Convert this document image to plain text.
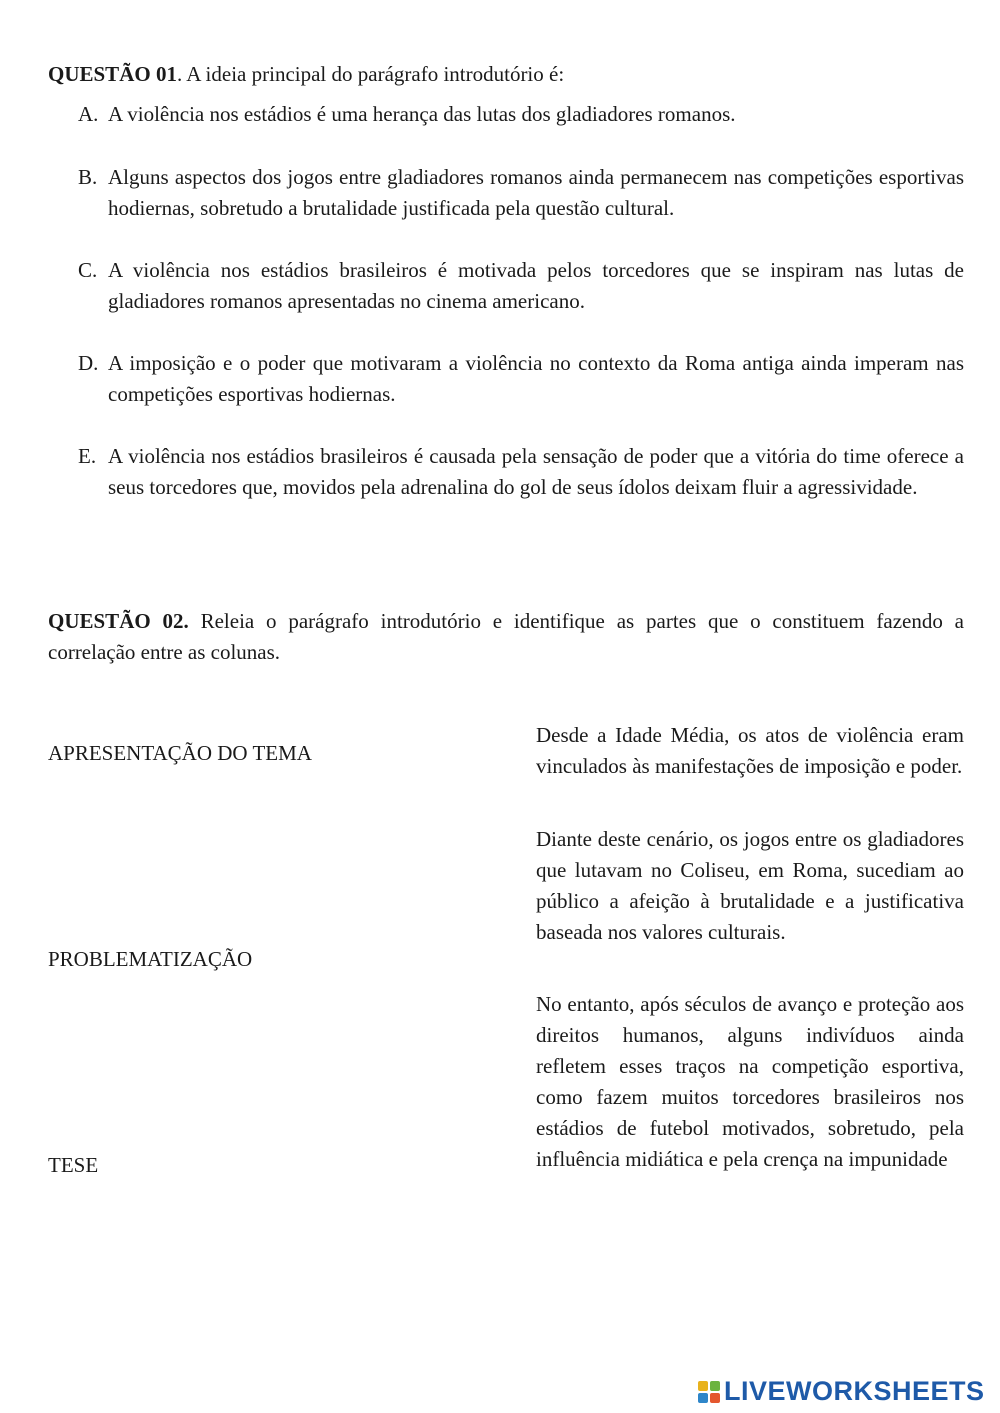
QUESTÃO 01. A ideia principal do parágrafo introdutório é:
A. A violência nos estádios é uma herança das lutas dos gladiadores romanos.
B. Alguns aspectos dos jogos entre gladiadores romanos ainda permanecem nas competições esportivas hodiernas, sobretudo a brutalidade justificada pela questão cultural.
C. A violência nos estádios brasileiros é motivada pelos torcedores que se inspiram nas lutas de gladiadores romanos apresentadas no cinema americano.
D. A imposição e o poder que motivaram a violência no contexto da Roma antiga ainda imperam nas competições esportivas hodiernas.
E. A violência nos estádios brasileiros é causada pela sensação de poder que a vitória do time oferece a seus torcedores que, movidos pela adrenalina do gol de seus ídolos deixam fluir a agressividade.
QUESTÃO 02. Releia o parágrafo introdutório e identifique as partes que o constituem fazendo a correlação entre as colunas.
APRESENTAÇÃO DO TEMA
PROBLEMATIZAÇÃO
TESE
Desde a Idade Média, os atos de violência eram vinculados às manifestações de imposição e poder.
Diante deste cenário, os jogos entre os gladiadores que lutavam no Coliseu, em Roma, sucediam ao público a afeição à brutalidade e a justificativa baseada nos valores culturais.
No entanto, após séculos de avanço e proteção aos direitos humanos, alguns indivíduos ainda refletem esses traços na competição esportiva, como fazem muitos torcedores brasileiros nos estádios de futebol motivados, sobretudo, pela influência midiática e pela crença na impunidade
LIVEWORKSHEETS
